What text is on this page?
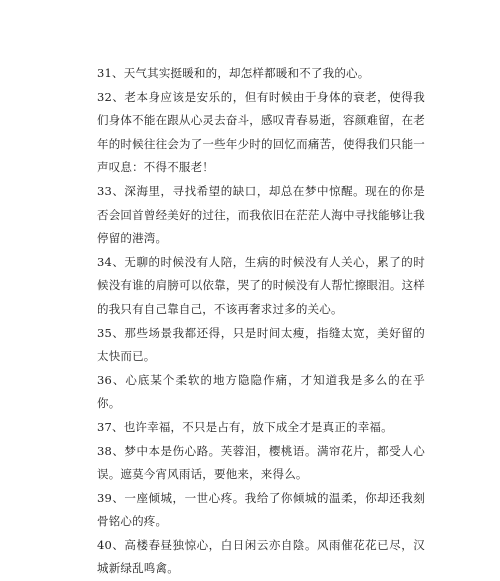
31、天气其实挺暖和的，却怎样都暖和不了我的心。

32、老本身应该是安乐的，但有时候由于身体的衰老，使得我们身体不能在跟从心灵去奋斗，感叹青春易逝，容颜难留，在老年的时候往往会为了一些年少时的回忆而痛苦，使得我们只能一声叹息：不得不服老！

33、深海里，寻找希望的缺口，却总在梦中惊醒。现在的你是否会回首曾经美好的过往，而我依旧在茫茫人海中寻找能够让我停留的港湾。

34、无聊的时候没有人陪，生病的时候没有人关心，累了的时候没有谁的肩膀可以依靠，哭了的时候没有人帮忙擦眼泪。这样的我只有自己靠自己，不该再奢求过多的关心。

35、那些场景我都还得，只是时间太瘦，指缝太宽，美好留的太快而已。

36、心底某个柔软的地方隐隐作痛，才知道我是多么的在乎你。

37、也许幸福，不只是占有，放下成全才是真正的幸福。

38、梦中本是伤心路。芙蓉泪，樱桃语。满帘花片，都受人心误。遮莫今宵风雨话，要他来，来得么。

39、一座倾城，一世心疼。我给了你倾城的温柔，你却还我刻骨铭心的疼。

40、高楼春昼独惊心，白日闲云亦自陰。风雨催花花已尽，汉城新绿乱鸣禽。
